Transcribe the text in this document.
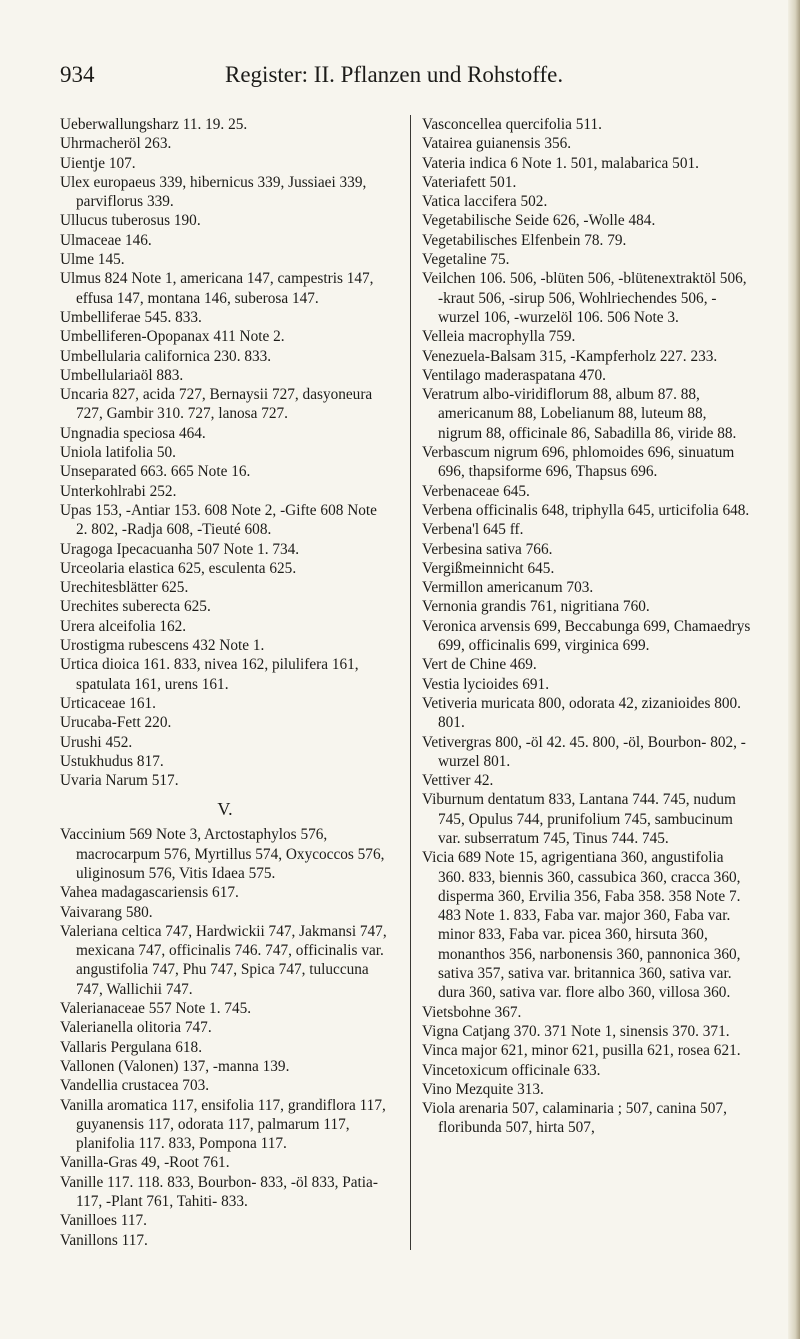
934	Register: II. Pflanzen und Rohstoffe.

Ueberwallungsharz 11. 19. 25.

Uhrmacheröl 263.

Uientje 107.

Ulex europaeus 339, hibernicus 339, Jussiaei 339, parviflorus 339.

Ullucus tuberosus 190.

Ulmaceae 146.

Ulme 145.

Ulmus 824 Note 1, americana 147, campestris 147, effusa 147, montana 146, suberosa 147.

Umbelliferae 545. 833.

Umbelliferen-Opopanax 411 Note 2.

Umbellularia californica 230. 833.

Umbellulariaöl 883.

Uncaria 827, acida 727, Bernaysii 727, dasyoneura 727, Gambir 310. 727, lanosa 727.

Ungnadia speciosa 464.

Uniola latifolia 50.

Unseparated 663. 665 Note 16.

Unterkohlrabi 252.

Upas 153, -Antiar 153. 608 Note 2, -Gifte 608 Note 2. 802, -Radja 608, -Tieuté 608.

Uragoga Ipecacuanha 507 Note 1. 734.

Urceolaria elastica 625, esculenta 625.

Urechitesblätter 625.

Urechites suberecta 625.

Urera alceifolia 162.

Urostigma rubescens 432 Note 1.

Urtica dioica 161. 833, nivea 162, pilulifera 161, spatulata 161, urens 161.

Urticaceae 161.

Urucaba-Fett 220.

Urushi 452.

Ustukhudus 817.

Uvaria Narum 517.

V.

Vaccinium 569 Note 3, Arctostaphylos 576, macrocarpum 576, Myrtillus 574, Oxycoccos 576, uliginosum 576, Vitis Idaea 575.

Vahea madagascariensis 617.

Vaivarang 580.

Valeriana celtica 747, Hardwickii 747, Jakmansi 747, mexicana 747, officinalis 746. 747, officinalis var. angustifolia 747, Phu 747, Spica 747, tuluccuna 747, Wallichii 747.

Valerianaceae 557 Note 1. 745.

Valerianella olitoria 747.

Vallaris Pergulana 618.

Vallonen (Valonen) 137, -manna 139.

Vandellia crustacea 703.

Vanilla aromatica 117, ensifolia 117, grandiflora 117, guyanensis 117, odorata 117, palmarum 117, planifolia 117. 833, Pompona 117.

Vanilla-Gras 49, -Root 761.

Vanille 117. 118. 833, Bourbon- 833, -öl 833, Patia- 117, -Plant 761, Tahiti- 833.

Vanilloes 117.

Vanillons 117.

Vasconcellea quercifolia 511.

Vatairea guianensis 356.

Vateria indica 6 Note 1. 501, malabarica 501.

Vateriafett 501.

Vatica laccifera 502.

Vegetabilische Seide 626, -Wolle 484.

Vegetabilisches Elfenbein 78. 79.

Vegetaline 75.

Veilchen 106. 506, -blüten 506, -blütenextraktöl 506, -kraut 506, -sirup 506, Wohlriechendes 506, -wurzel 106, -wurzelöl 106. 506 Note 3.

Velleia macrophylla 759.

Venezuela-Balsam 315, -Kampferholz 227. 233.

Ventilago maderaspatana 470.

Veratrum albo-viridiflorum 88, album 87. 88, americanum 88, Lobelianum 88, luteum 88, nigrum 88, officinale 86, Sabadilla 86, viride 88.

Verbascum nigrum 696, phlomoides 696, sinuatum 696, thapsiforme 696, Thapsus 696.

Verbenaceae 645.

Verbena officinalis 648, triphylla 645, urticifolia 648.

Verbena'l 645 ff.

Verbesina sativa 766.

Vergißmeinnicht 645.

Vermillon americanum 703.

Vernonia grandis 761, nigritiana 760.

Veronica arvensis 699, Beccabunga 699, Chamaedrys 699, officinalis 699, virginica 699.

Vert de Chine 469.

Vestia lycioides 691.

Vetiveria muricata 800, odorata 42, zizanioides 800. 801.

Vetivergras 800, -öl 42. 45. 800, -öl, Bourbon- 802, -wurzel 801.

Vettiver 42.

Viburnum dentatum 833, Lantana 744. 745, nudum 745, Opulus 744, prunifolium 745, sambucinum var. subserratum 745, Tinus 744. 745.

Vicia 689 Note 15, agrigentiana 360, angustifolia 360. 833, biennis 360, cassubica 360, cracca 360, disperma 360, Ervilia 356, Faba 358. 358 Note 7. 483 Note 1. 833, Faba var. major 360, Faba var. minor 833, Faba var. picea 360, hirsuta 360, monanthos 356, narbonensis 360, pannonica 360, sativa 357, sativa var. britannica 360, sativa var. dura 360, sativa var. flore albo 360, villosa 360.

Vietsbohne 367.

Vigna Catjang 370. 371 Note 1, sinensis 370. 371.

Vinca major 621, minor 621, pusilla 621, rosea 621.

Vincetoxicum officinale 633.

Vino Mezquite 313.

Viola arenaria 507, calaminaria ; 507, canina 507, floribunda 507, hirta 507,
